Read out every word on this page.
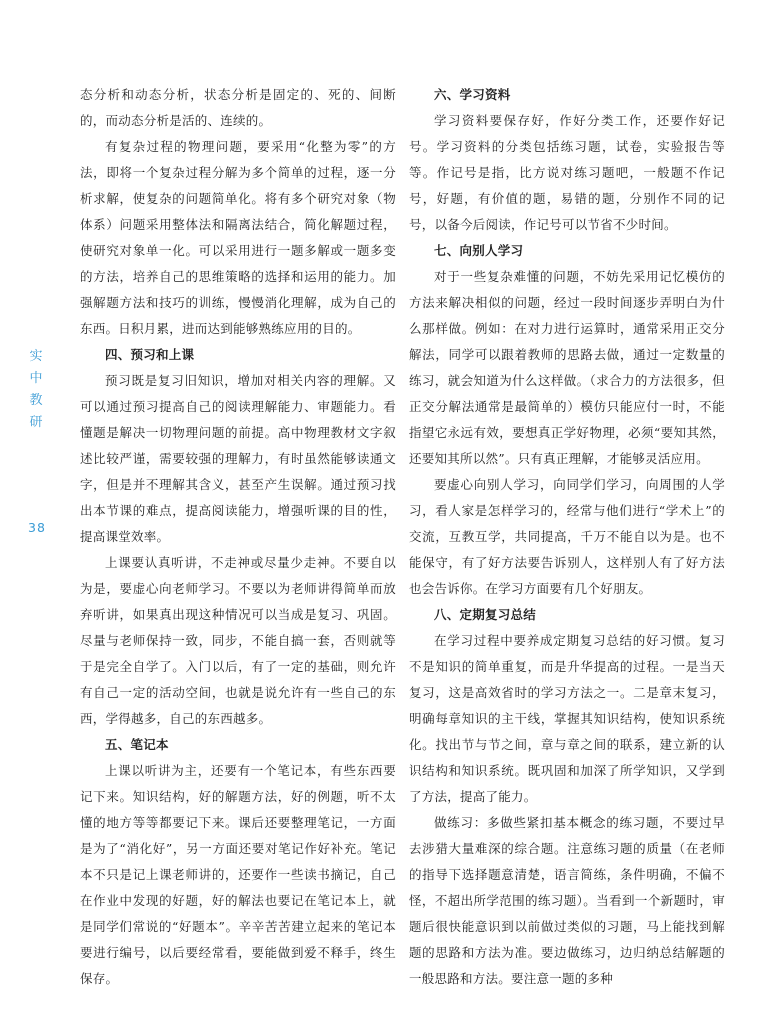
实
中
教
研
38

态分析和动态分析，状态分析是固定的、死的、间断的，而动态分析是活的、连续的。

有复杂过程的物理问题，要采用“化整为零”的方法，即将一个复杂过程分解为多个简单的过程，逐一分析求解，使复杂的问题简单化。将有多个研究对象（物体系）问题采用整体法和隔离法结合，简化解题过程，使研究对象单一化。可以采用进行一题多解或一题多变的方法，培养自己的思维策略的选择和运用的能力。加强解题方法和技巧的训练，慢慢消化理解，成为自己的东西。日积月累，进而达到能够熟练应用的目的。

四、预习和上课

预习既是复习旧知识，增加对相关内容的理解。又可以通过预习提高自己的阅读理解能力、审题能力。看懂题是解决一切物理问题的前提。高中物理教材文字叙述比较严谨，需要较强的理解力，有时虽然能够读通文字，但是并不理解其含义，甚至产生误解。通过预习找出本节课的难点，提高阅读能力，增强听课的目的性，提高课堂效率。

上课要认真听讲，不走神或尽量少走神。不要自以为是，要虚心向老师学习。不要以为老师讲得简单而放弃听讲，如果真出现这种情况可以当成是复习、巩固。尽量与老师保持一致，同步，不能自搞一套，否则就等于是完全自学了。入门以后，有了一定的基础，则允许有自己一定的活动空间，也就是说允许有一些自己的东西，学得越多，自己的东西越多。

五、笔记本

上课以听讲为主，还要有一个笔记本，有些东西要记下来。知识结构，好的解题方法，好的例题，听不太懂的地方等等都要记下来。课后还要整理笔记，一方面是为了“消化好”，另一方面还要对笔记作好补充。笔记本不只是记上课老师讲的，还要作一些读书摘记，自己在作业中发现的好题，好的解法也要记在笔记本上，就是同学们常说的“好题本”。辛辛苦苦建立起来的笔记本要进行编号，以后要经常看，要能做到爱不释手，终生保存。

六、学习资料

学习资料要保存好，作好分类工作，还要作好记号。学习资料的分类包括练习题，试卷，实验报告等等。作记号是指，比方说对练习题吧，一般题不作记号，好题，有价值的题，易错的题，分别作不同的记号，以备今后阅读，作记号可以节省不少时间。

七、向别人学习

对于一些复杂难懂的问题，不妨先采用记忆模仿的方法来解决相似的问题，经过一段时间逐步弄明白为什么那样做。例如：在对力进行运算时，通常采用正交分解法，同学可以跟着教师的思路去做，通过一定数量的练习，就会知道为什么这样做。（求合力的方法很多，但正交分解法通常是最简单的）模仿只能应付一时，不能指望它永远有效，要想真正学好物理，必须“要知其然，还要知其所以然”。只有真正理解，才能够灵活应用。

要虚心向别人学习，向同学们学习，向周围的人学习，看人家是怎样学习的，经常与他们进行“学术上”的交流，互教互学，共同提高，千万不能自以为是。也不能保守，有了好方法要告诉别人，这样别人有了好方法也会告诉你。在学习方面要有几个好朋友。

八、定期复习总结

在学习过程中要养成定期复习总结的好习惯。复习不是知识的简单重复，而是升华提高的过程。一是当天复习，这是高效省时的学习方法之一。二是章末复习，明确每章知识的主干线，掌握其知识结构，使知识系统化。找出节与节之间，章与章之间的联系，建立新的认识结构和知识系统。既巩固和加深了所学知识，又学到了方法，提高了能力。

做练习：多做些紧扣基本概念的练习题，不要过早去涉猎大量难深的综合题。注意练习题的质量（在老师的指导下选择题意清楚，语言简练，条件明确，不偏不怪，不超出所学范围的练习题）。当看到一个新题时，审题后很快能意识到以前做过类似的习题，马上能找到解题的思路和方法为准。要边做练习，边归纳总结解题的一般思路和方法。要注意一题的多种
